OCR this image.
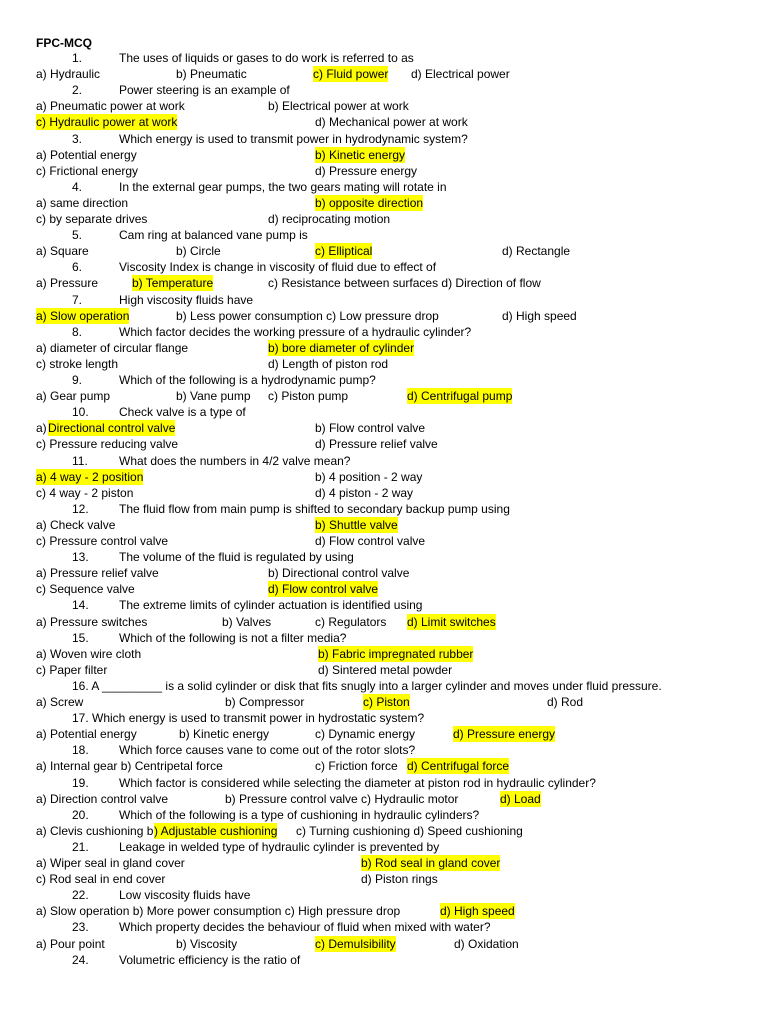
FPC-MCQ
1.	The uses of liquids or gases to do work is referred to as
a) Hydraulic	b) Pneumatic	c) Fluid power d) Electrical power
2.	Power steering is an example of
a) Pneumatic power at work	b) Electrical power at work
c) Hydraulic power at work	d) Mechanical power at work
3.	Which energy is used to transmit power in hydrodynamic system?
a) Potential energy	b) Kinetic energy
c) Frictional energy	d) Pressure energy
4.	In the external gear pumps, the two gears mating will rotate in
a) same direction	b) opposite direction
c) by separate drives	d) reciprocating motion
5.	Cam ring at balanced vane pump is
a) Square	b) Circle	c) Elliptical	d) Rectangle
6.	Viscosity Index is change in viscosity of fluid due to effect of
a) Pressure	b) Temperature	c) Resistance between surfaces d) Direction of flow
7.	High viscosity fluids have
a) Slow operation	b) Less power consumption c) Low pressure drop	d) High speed
8.	Which factor decides the working pressure of a hydraulic cylinder?
a) diameter of circular flange	b) bore diameter of cylinder
c) stroke length	d) Length of piston rod
9.	Which of the following is a hydrodynamic pump?
a) Gear pump	b) Vane pump c) Piston pump	d) Centrifugal pump
10.	Check valve is a type of
a) Directional control valve	b) Flow control valve
c) Pressure reducing valve	d) Pressure relief valve
11.	What does the numbers in 4/2 valve mean?
a) 4 way - 2 position	b) 4 position - 2 way
c) 4 way - 2 piston	d) 4 piston - 2 way
12.	The fluid flow from main pump is shifted to secondary backup pump using
a) Check valve	b) Shuttle valve
c) Pressure control valve	d) Flow control valve
13.	The volume of the fluid is regulated by using
a) Pressure relief valve	b) Directional control valve
c) Sequence valve	d) Flow control valve
14.	The extreme limits of cylinder actuation is identified using
a) Pressure switches	b) Valves	c) Regulators d) Limit switches
15.	Which of the following is not a filter media?
a) Woven wire cloth	b) Fabric impregnated rubber
c) Paper filter	d) Sintered metal powder
16. A _________ is a solid cylinder or disk that fits snugly into a larger cylinder and moves under fluid pressure.
a) Screw	b) Compressor	c) Piston	d) Rod
17. Which energy is used to transmit power in hydrostatic system?
a) Potential energy	b) Kinetic energy	c) Dynamic energy	d) Pressure energy
18.	Which force causes vane to come out of the rotor slots?
a) Internal gear b) Centripetal force	c) Friction force d) Centrifugal force
19.	Which factor is considered while selecting the diameter at piston rod in hydraulic cylinder?
a) Direction control valve	b) Pressure control valve c) Hydraulic motor	d) Load
20.	Which of the following is a type of cushioning in hydraulic cylinders?
a) Clevis cushioning b ) Adjustable cushioning c) Turning cushioning d) Speed cushioning
21.	Leakage in welded type of hydraulic cylinder is prevented by
a) Wiper seal in gland cover	b) Rod seal in gland cover
c) Rod seal in end cover	d) Piston rings
22.	Low viscosity fluids have
a) Slow operation b) More power consumption c) High pressure drop	d) High speed
23.	Which property decides the behaviour of fluid when mixed with water?
a) Pour point	b) Viscosity	c) Demulsibility	d) Oxidation
24.	Volumetric efficiency is the ratio of
